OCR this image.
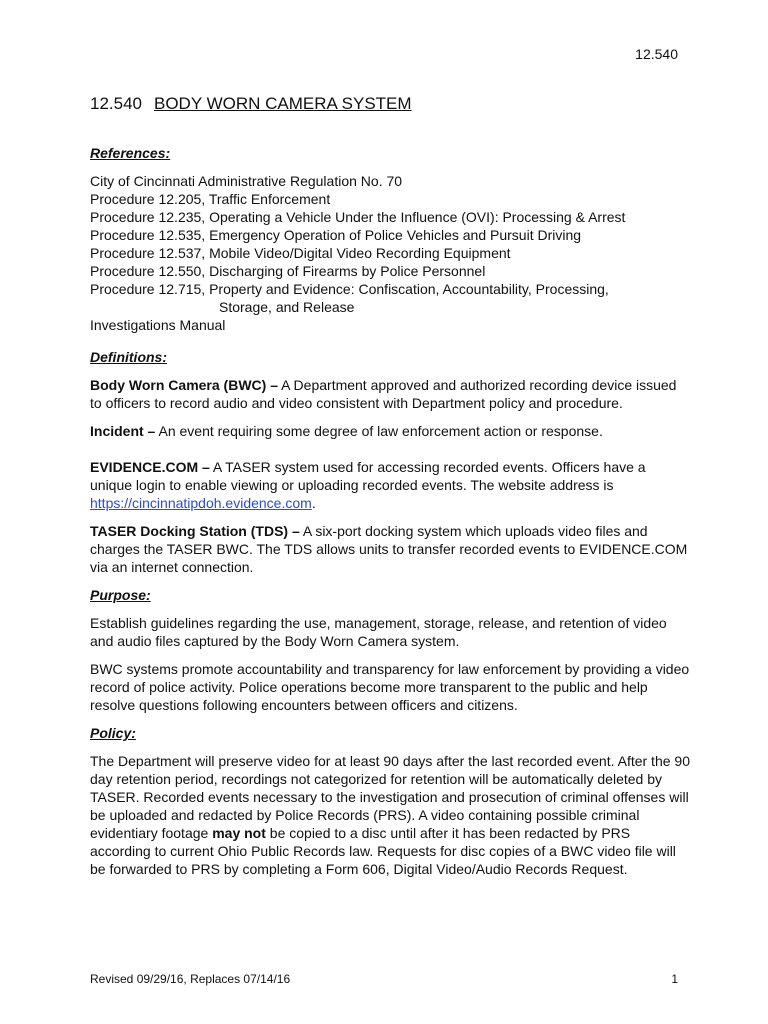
12.540
12.540 BODY WORN CAMERA SYSTEM

References:

City of Cincinnati Administrative Regulation No. 70
Procedure 12.205, Traffic Enforcement
Procedure 12.235, Operating a Vehicle Under the Influence (OVI): Processing & Arrest
Procedure 12.535, Emergency Operation of Police Vehicles and Pursuit Driving
Procedure 12.537, Mobile Video/Digital Video Recording Equipment
Procedure 12.550, Discharging of Firearms by Police Personnel
Procedure 12.715, Property and Evidence: Confiscation, Accountability, Processing,
Storage, and Release
Investigations Manual

Definitions:

Body Worn Camera (BWC) – A Department approved and authorized recording device issued to officers to record audio and video consistent with Department policy and procedure.

Incident – An event requiring some degree of law enforcement action or response.

EVIDENCE.COM – A TASER system used for accessing recorded events. Officers have a unique login to enable viewing or uploading recorded events. The website address is https://cincinnatipdoh.evidence.com.

TASER Docking Station (TDS) – A six-port docking system which uploads video files and charges the TASER BWC. The TDS allows units to transfer recorded events to EVIDENCE.COM via an internet connection.

Purpose:

Establish guidelines regarding the use, management, storage, release, and retention of video and audio files captured by the Body Worn Camera system.

BWC systems promote accountability and transparency for law enforcement by providing a video record of police activity. Police operations become more transparent to the public and help resolve questions following encounters between officers and citizens.

Policy:

The Department will preserve video for at least 90 days after the last recorded event. After the 90 day retention period, recordings not categorized for retention will be automatically deleted by TASER. Recorded events necessary to the investigation and prosecution of criminal offenses will be uploaded and redacted by Police Records (PRS). A video containing possible criminal evidentiary footage may not be copied to a disc until after it has been redacted by PRS according to current Ohio Public Records law. Requests for disc copies of a BWC video file will be forwarded to PRS by completing a Form 606, Digital Video/Audio Records Request.

Revised 09/29/16, Replaces 07/14/16	1
